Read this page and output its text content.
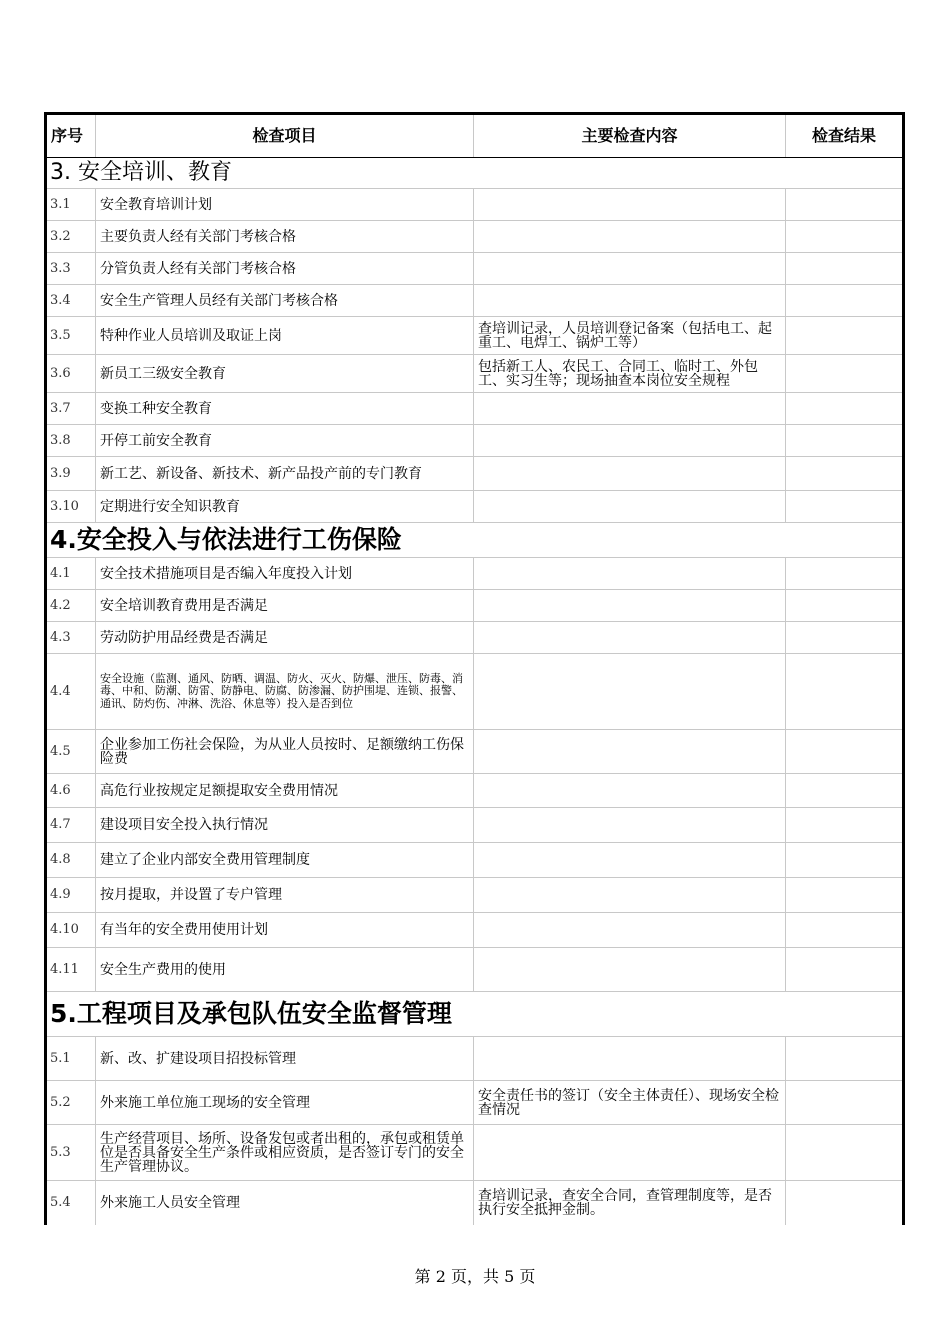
序号	检查项目	主要检查内容	检查结果
3. 安全培训、教育			
3.1	安全教育培训计划		
3.2	主要负责人经有关部门考核合格		
3.3	分管负责人经有关部门考核合格		
3.4	安全生产管理人员经有关部门考核合格		
3.5	特种作业人员培训及取证上岗	查培训记录，人员培训登记备案（包括电工、起重工、电焊工、锅炉工等）	
3.6	新员工三级安全教育	包括新工人、农民工、合同工、临时工、外包工、实习生等；现场抽查本岗位安全规程	
3.7	变换工种安全教育		
3.8	开停工前安全教育		
3.9	新工艺、新设备、新技术、新产品投产前的专门教育		
3.10	定期进行安全知识教育		
4.安全投入与依法进行工伤保险			
4.1	安全技术措施项目是否编入年度投入计划		
4.2	安全培训教育费用是否满足		
4.3	劳动防护用品经费是否满足		
4.4	安全设施（监测、通风、防晒、调温、防火、灭火、防爆、泄压、防毒、消毒、中和、防潮、防雷、防静电、防腐、防渗漏、防护围堤、连锁、报警、通讯、防灼伤、冲淋、洗浴、休息等）投入是否到位		
4.5	企业参加工伤社会保险，为从业人员按时、足额缴纳工伤保险费		
4.6	高危行业按规定足额提取安全费用情况		
4.7	建设项目安全投入执行情况		
4.8	建立了企业内部安全费用管理制度		
4.9	按月提取，并设置了专户管理		
4.10	有当年的安全费用使用计划		
4.11	安全生产费用的使用		
5.工程项目及承包队伍安全监督管理			
5.1	新、改、扩建设项目招投标管理		
5.2	外来施工单位施工现场的安全管理	安全责任书的签订（安全主体责任）、现场安全检查情况	
5.3	生产经营项目、场所、设备发包或者出租的，承包或租赁单位是否具备安全生产条件或相应资质，是否签订专门的安全生产管理协议。		
5.4	外来施工人员安全管理	查培训记录，查安全合同，查管理制度等，是否执行安全抵押金制。	
第 2 页，共 5 页
